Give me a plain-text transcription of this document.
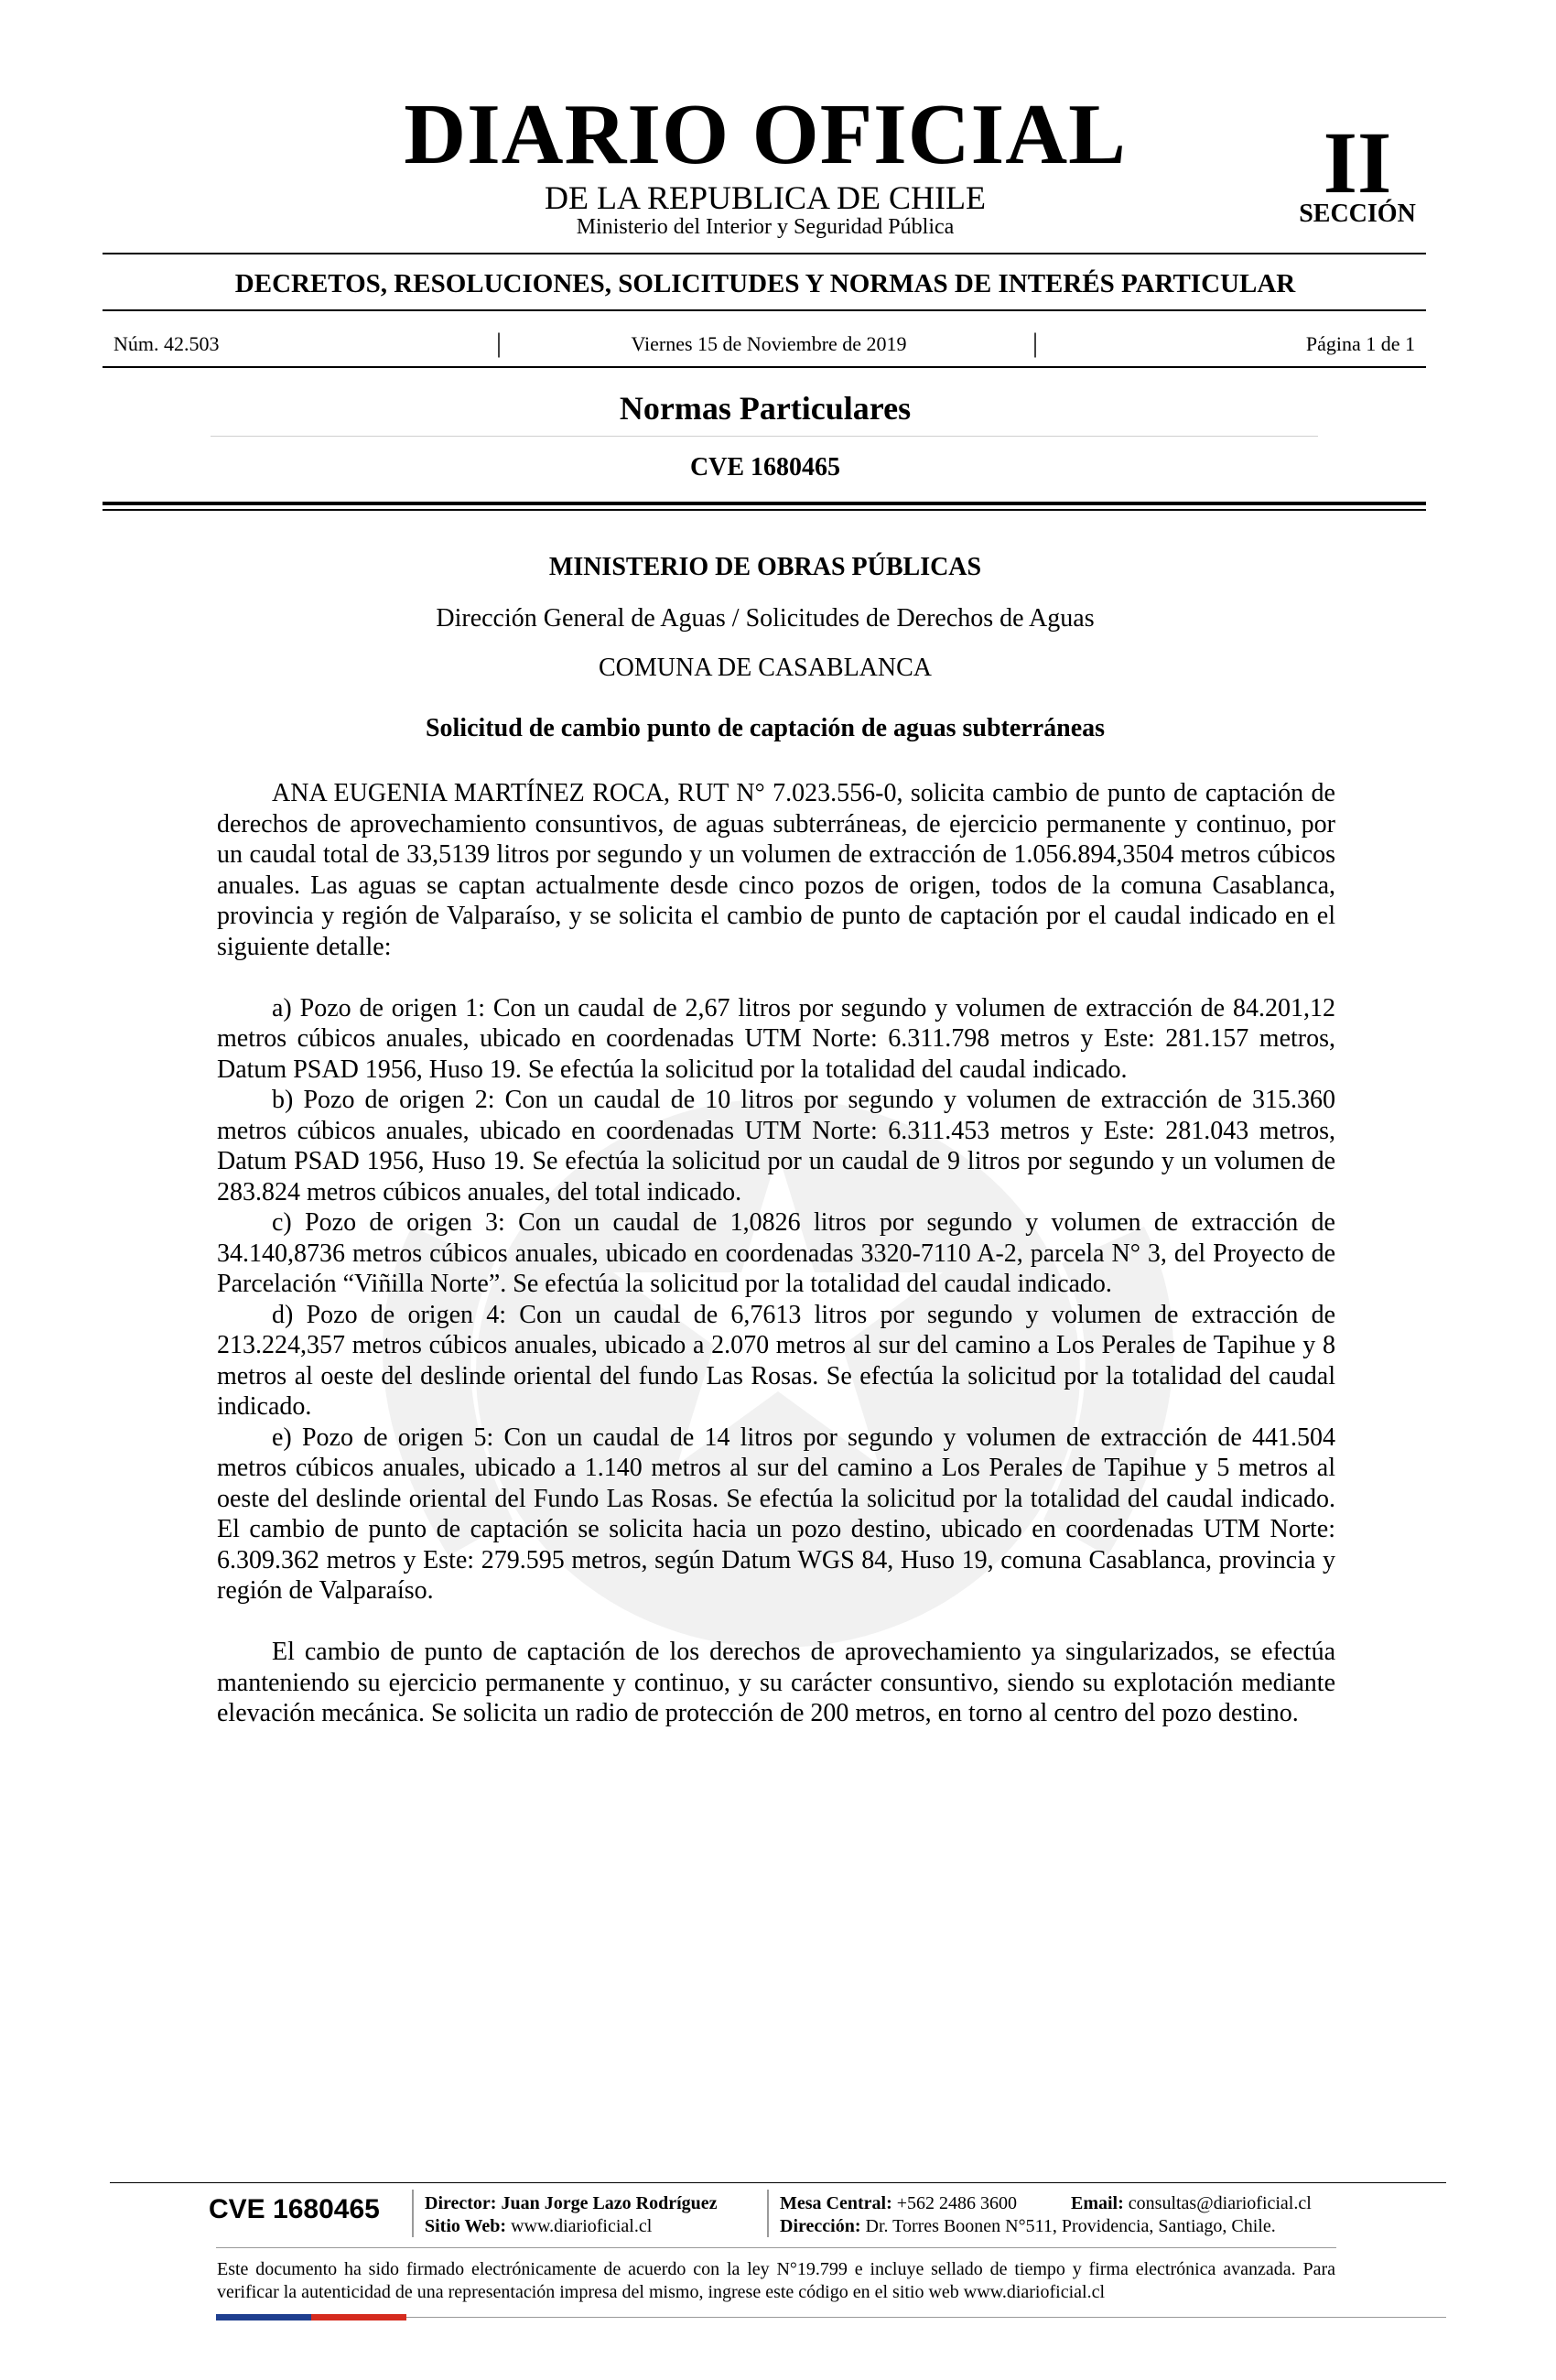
DIARIO OFICIAL
DE LA REPUBLICA DE CHILE
Ministerio del Interior y Seguridad Pública
II
SECCIÓN
DECRETOS, RESOLUCIONES, SOLICITUDES Y NORMAS DE INTERÉS PARTICULAR
Núm. 42.503	|	Viernes 15 de Noviembre de 2019	|	Página 1 de 1
Normas Particulares
CVE 1680465
MINISTERIO DE OBRAS PÚBLICAS
Dirección General de Aguas / Solicitudes de Derechos de Aguas
COMUNA DE CASABLANCA
Solicitud de cambio punto de captación de aguas subterráneas

ANA EUGENIA MARTÍNEZ ROCA, RUT N° 7.023.556-0, solicita cambio de punto de captación de derechos de aprovechamiento consuntivos, de aguas subterráneas, de ejercicio permanente y continuo, por un caudal total de 33,5139 litros por segundo y un volumen de extracción de 1.056.894,3504 metros cúbicos anuales. Las aguas se captan actualmente desde cinco pozos de origen, todos de la comuna Casablanca, provincia y región de Valparaíso, y se solicita el cambio de punto de captación por el caudal indicado en el siguiente detalle:

a) Pozo de origen 1: Con un caudal de 2,67 litros por segundo y volumen de extracción de 84.201,12 metros cúbicos anuales, ubicado en coordenadas UTM Norte: 6.311.798 metros y Este: 281.157 metros, Datum PSAD 1956, Huso 19. Se efectúa la solicitud por la totalidad del caudal indicado.

b) Pozo de origen 2: Con un caudal de 10 litros por segundo y volumen de extracción de 315.360 metros cúbicos anuales, ubicado en coordenadas UTM Norte: 6.311.453 metros y Este: 281.043 metros, Datum PSAD 1956, Huso 19. Se efectúa la solicitud por un caudal de 9 litros por segundo y un volumen de 283.824 metros cúbicos anuales, del total indicado.

c) Pozo de origen 3: Con un caudal de 1,0826 litros por segundo y volumen de extracción de 34.140,8736 metros cúbicos anuales, ubicado en coordenadas 3320-7110 A-2, parcela N° 3, del Proyecto de Parcelación “Viñilla Norte”. Se efectúa la solicitud por la totalidad del caudal indicado.

d) Pozo de origen 4: Con un caudal de 6,7613 litros por segundo y volumen de extracción de 213.224,357 metros cúbicos anuales, ubicado a 2.070 metros al sur del camino a Los Perales de Tapihue y 8 metros al oeste del deslinde oriental del fundo Las Rosas. Se efectúa la solicitud por la totalidad del caudal indicado.

e) Pozo de origen 5: Con un caudal de 14 litros por segundo y volumen de extracción de 441.504 metros cúbicos anuales, ubicado a 1.140 metros al sur del camino a Los Perales de Tapihue y 5 metros al oeste del deslinde oriental del Fundo Las Rosas. Se efectúa la solicitud por la totalidad del caudal indicado. El cambio de punto de captación se solicita hacia un pozo destino, ubicado en coordenadas UTM Norte: 6.309.362 metros y Este: 279.595 metros, según Datum WGS 84, Huso 19, comuna Casablanca, provincia y región de Valparaíso.

El cambio de punto de captación de los derechos de aprovechamiento ya singularizados, se efectúa manteniendo su ejercicio permanente y continuo, y su carácter consuntivo, siendo su explotación mediante elevación mecánica. Se solicita un radio de protección de 200 metros, en torno al centro del pozo destino.

CVE 1680465 Director: Juan Jorge Lazo Rodríguez
Sitio Web: www.diarioficial.cl
Mesa Central: +562 2486 3600	Email: consultas@diarioficial.cl
Dirección: Dr. Torres Boonen N°511, Providencia, Santiago, Chile.
Este documento ha sido firmado electrónicamente de acuerdo con la ley N°19.799 e incluye sellado de tiempo y firma electrónica avanzada. Para verificar la autenticidad de una representación impresa del mismo, ingrese este código en el sitio web www.diarioficial.cl
